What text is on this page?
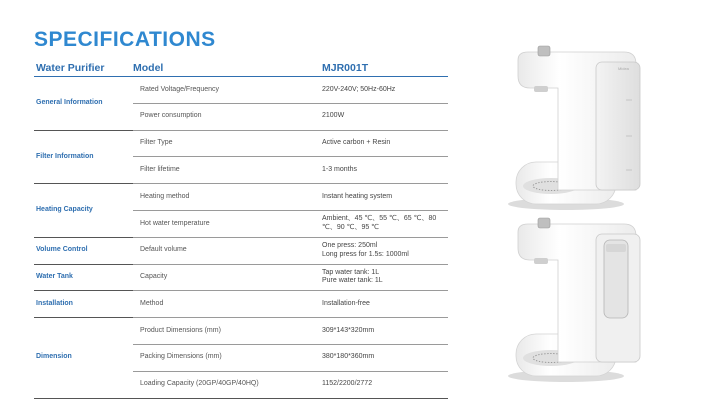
SPECIFICATIONS
Water Purifier	Model	MJR001T
General Information	Rated Voltage/Frequency	220V-240V; 50Hz-60Hz
	Power consumption	2100W
Filter Information	Filter Type	Active carbon + Resin
	Filter lifetime	1-3 months
Heating Capacity	Heating method	Instant heating system
	Hot water temperature	Ambient、45 ℃、55 ℃、65 ℃、80 ℃、90 ℃、95 ℃
Volume Control	Default volume	One press: 250ml
Long press for 1.5s: 1000ml
Water Tank	Capacity	Tap water tank: 1L
Pure water tank: 1L
Installation	Method	Installation-free
Dimension	Product Dimensions (mm)	309*143*320mm
	Packing Dimensions (mm)	380*180*360mm
	Loading Capacity (20GP/40GP/40HQ)	1152/2200/2772
Midea
